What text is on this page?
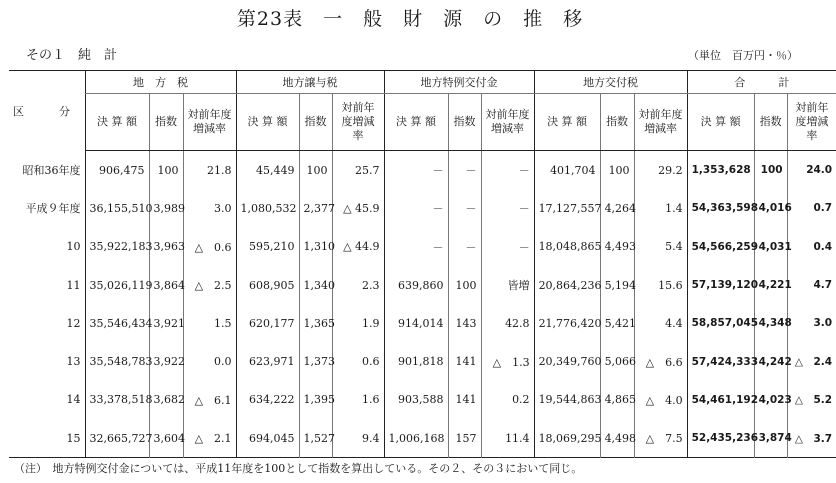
第23表　一　般　財　源　の　推　移
その１　純　計	（単位　百万円・％）
区　分	地　方　税			地方譲与税			地方特例交付金			地方交付税			合　　　計		
	決 算 額	指数	対前年度増減率	決 算 額	指数	対前年度増減率	決 算 額	指数	対前年度増減率	決 算 額	指数	対前年度増減率	決 算 額	指数	対前年度増減率
昭和36年度	906,475	100	21.8	45,449	100	25.7	－	－	－	401,704	100	29.2	1,353,628	100	24.0
平成９年度	36,155,510	3,989	3.0	1,080,532	2,377	△ 45.9	－	－	－	17,127,557	4,264	1.4	54,363,598	4,016	0.7
10	35,922,183	3,963	△　0.6	595,210	1,310	△ 44.9	－	－	－	18,048,865	4,493	5.4	54,566,259	4,031	0.4
11	35,026,119	3,864	△　2.5	608,905	1,340	2.3	639,860	100	皆増	20,864,236	5,194	15.6	57,139,120	4,221	4.7
12	35,546,434	3,921	1.5	620,177	1,365	1.9	914,014	143	42.8	21,776,420	5,421	4.4	58,857,045	4,348	3.0
13	35,548,783	3,922	0.0	623,971	1,373	0.6	901,818	141	△　1.3	20,349,760	5,066	△　6.6	57,424,333	4,242	△　2.4
14	33,378,518	3,682	△　6.1	634,222	1,395	1.6	903,588	141	0.2	19,544,863	4,865	△　4.0	54,461,192	4,023	△　5.2
15	32,665,727	3,604	△　2.1	694,045	1,527	9.4	1,006,168	157	11.4	18,069,295	4,498	△　7.5	52,435,236	3,874	△　3.7
（注）　地方特例交付金については、平成11年度を100として指数を算出している。その２、その３において同じ。
